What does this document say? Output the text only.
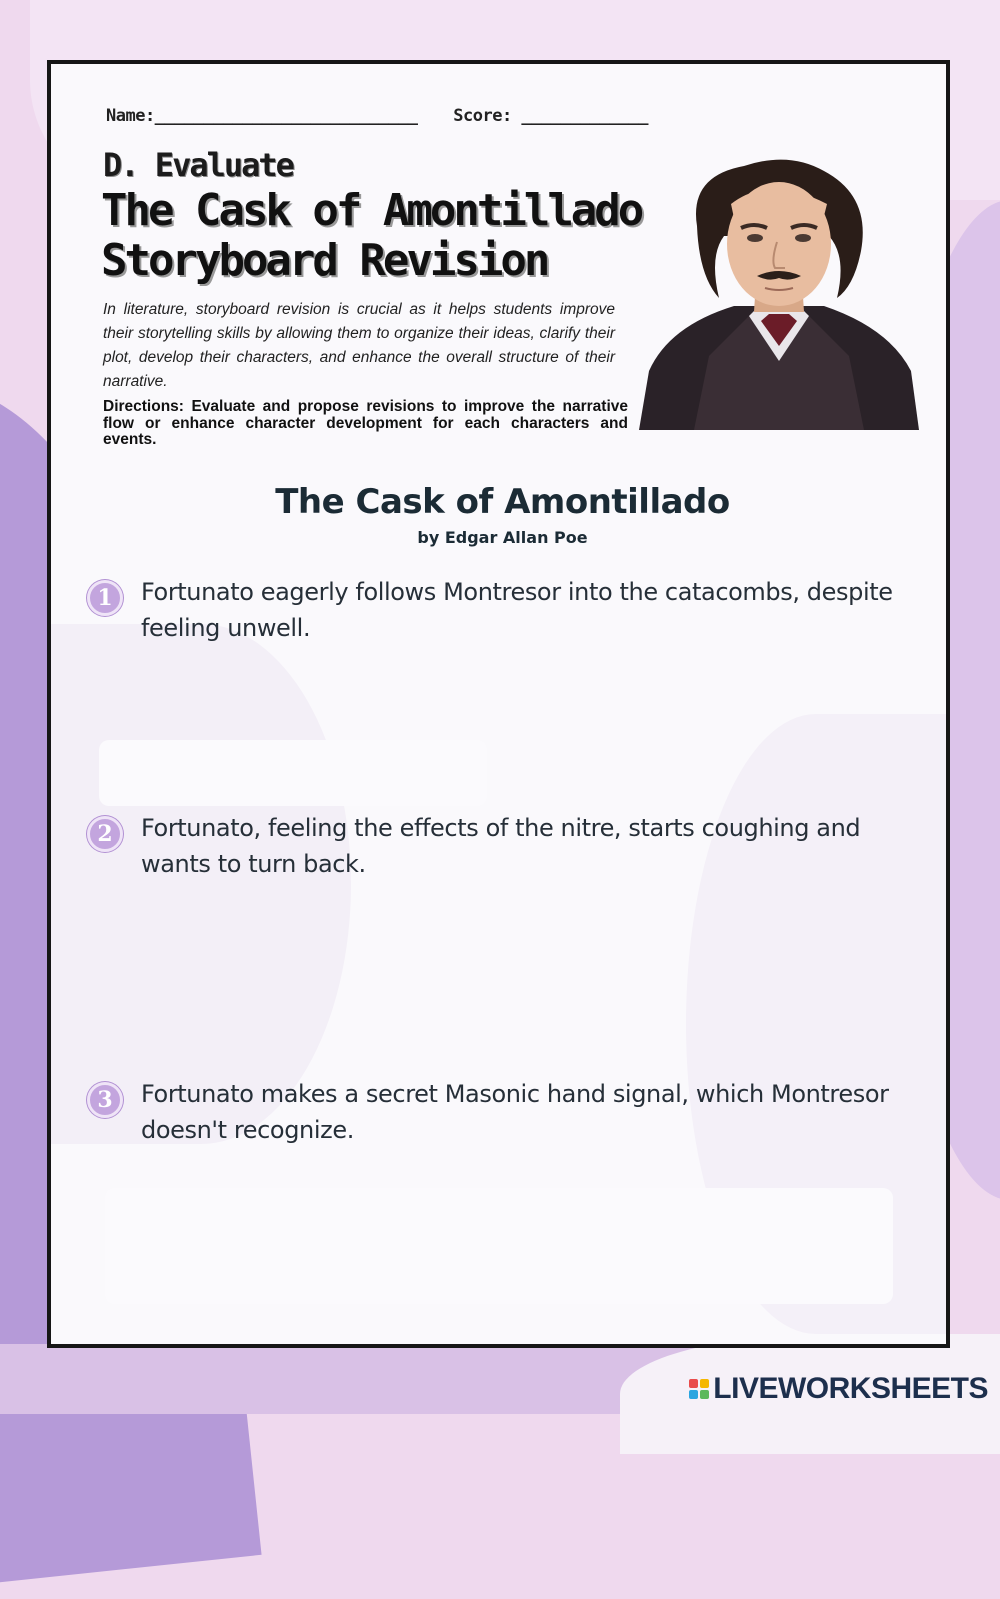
Name:___________________________ Score: _____________
D. Evaluate
The Cask of Amontillado
Storyboard Revision
In literature, storyboard revision is crucial as it helps students improve their storytelling skills by allowing them to organize their ideas, clarify their plot, develop their characters, and enhance the overall structure of their narrative.
Directions: Evaluate and propose revisions to improve the narrative flow or enhance character development for each characters and events.
The Cask of Amontillado
by Edgar Allan Poe
1	Fortunato eagerly follows Montresor into the catacombs, despite feeling unwell.
2	Fortunato, feeling the effects of the nitre, starts coughing and wants to turn back.
3	Fortunato makes a secret Masonic hand signal, which Montresor doesn't recognize.
LIVEWORKSHEETS
